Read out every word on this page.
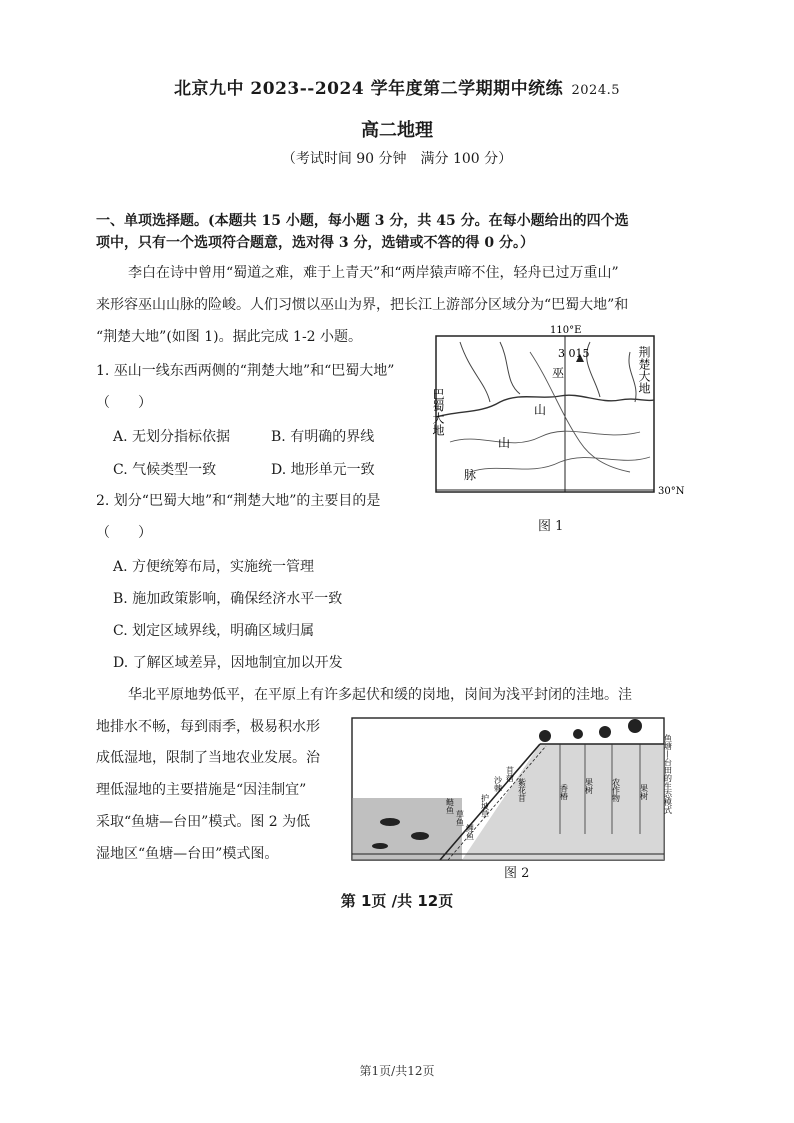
北京九中 2023--2024 学年度第二学期期中统练 2024.5
高二地理
（考试时间 90 分钟　满分 100 分）
一、单项选择题。(本题共 15 小题，每小题 3 分，共 45 分。在每小题给出的四个选
项中，只有一个选项符合题意，选对得 3 分，选错或不答的得 0 分。）
李白在诗中曾用“蜀道之难，难于上青天”和“两岸猿声啼不住，轻舟已过万重山”
来形容巫山山脉的险峻。人们习惯以巫山为界，把长江上游部分区域分为“巴蜀大地”和
“荆楚大地”(如图 1)。据此完成 1-2 小题。
1. 巫山一线东西两侧的“荆楚大地”和“巴蜀大地”
（　　）
A. 无划分指标依据	B. 有明确的界线
C. 气候类型一致	D. 地形单元一致
2. 划分“巴蜀大地”和“荆楚大地”的主要目的是
（　　）
A. 方便统筹布局，实施统一管理
B. 施加政策影响，确保经济水平一致
C. 划定区域界线，明确区域归属
D. 了解区域差异，因地制宜加以开发
110°E
30°N
3 015
巴蜀大地
荆楚大地
巫
山
山
脉
图 1
华北平原地势低平，在平原上有许多起伏和缓的岗地，岗间为浅平封闭的洼地。洼
地排水不畅，每到雨季，极易积水形
成低湿地，限制了当地农业发展。治
理低湿地的主要措施是“因洼制宜”
采取“鱼塘—台田”模式。图 2 为低
湿地区“鱼塘—台田”模式图。
鲢鱼
草鱼
鲤鱼
护坡草
沙棘
苜蓿
紫花苜	香椿 果树 农作物 果树 鱼塘—台田的生态模式
图 2
第 1页 /共 12页
第1页/共12页
